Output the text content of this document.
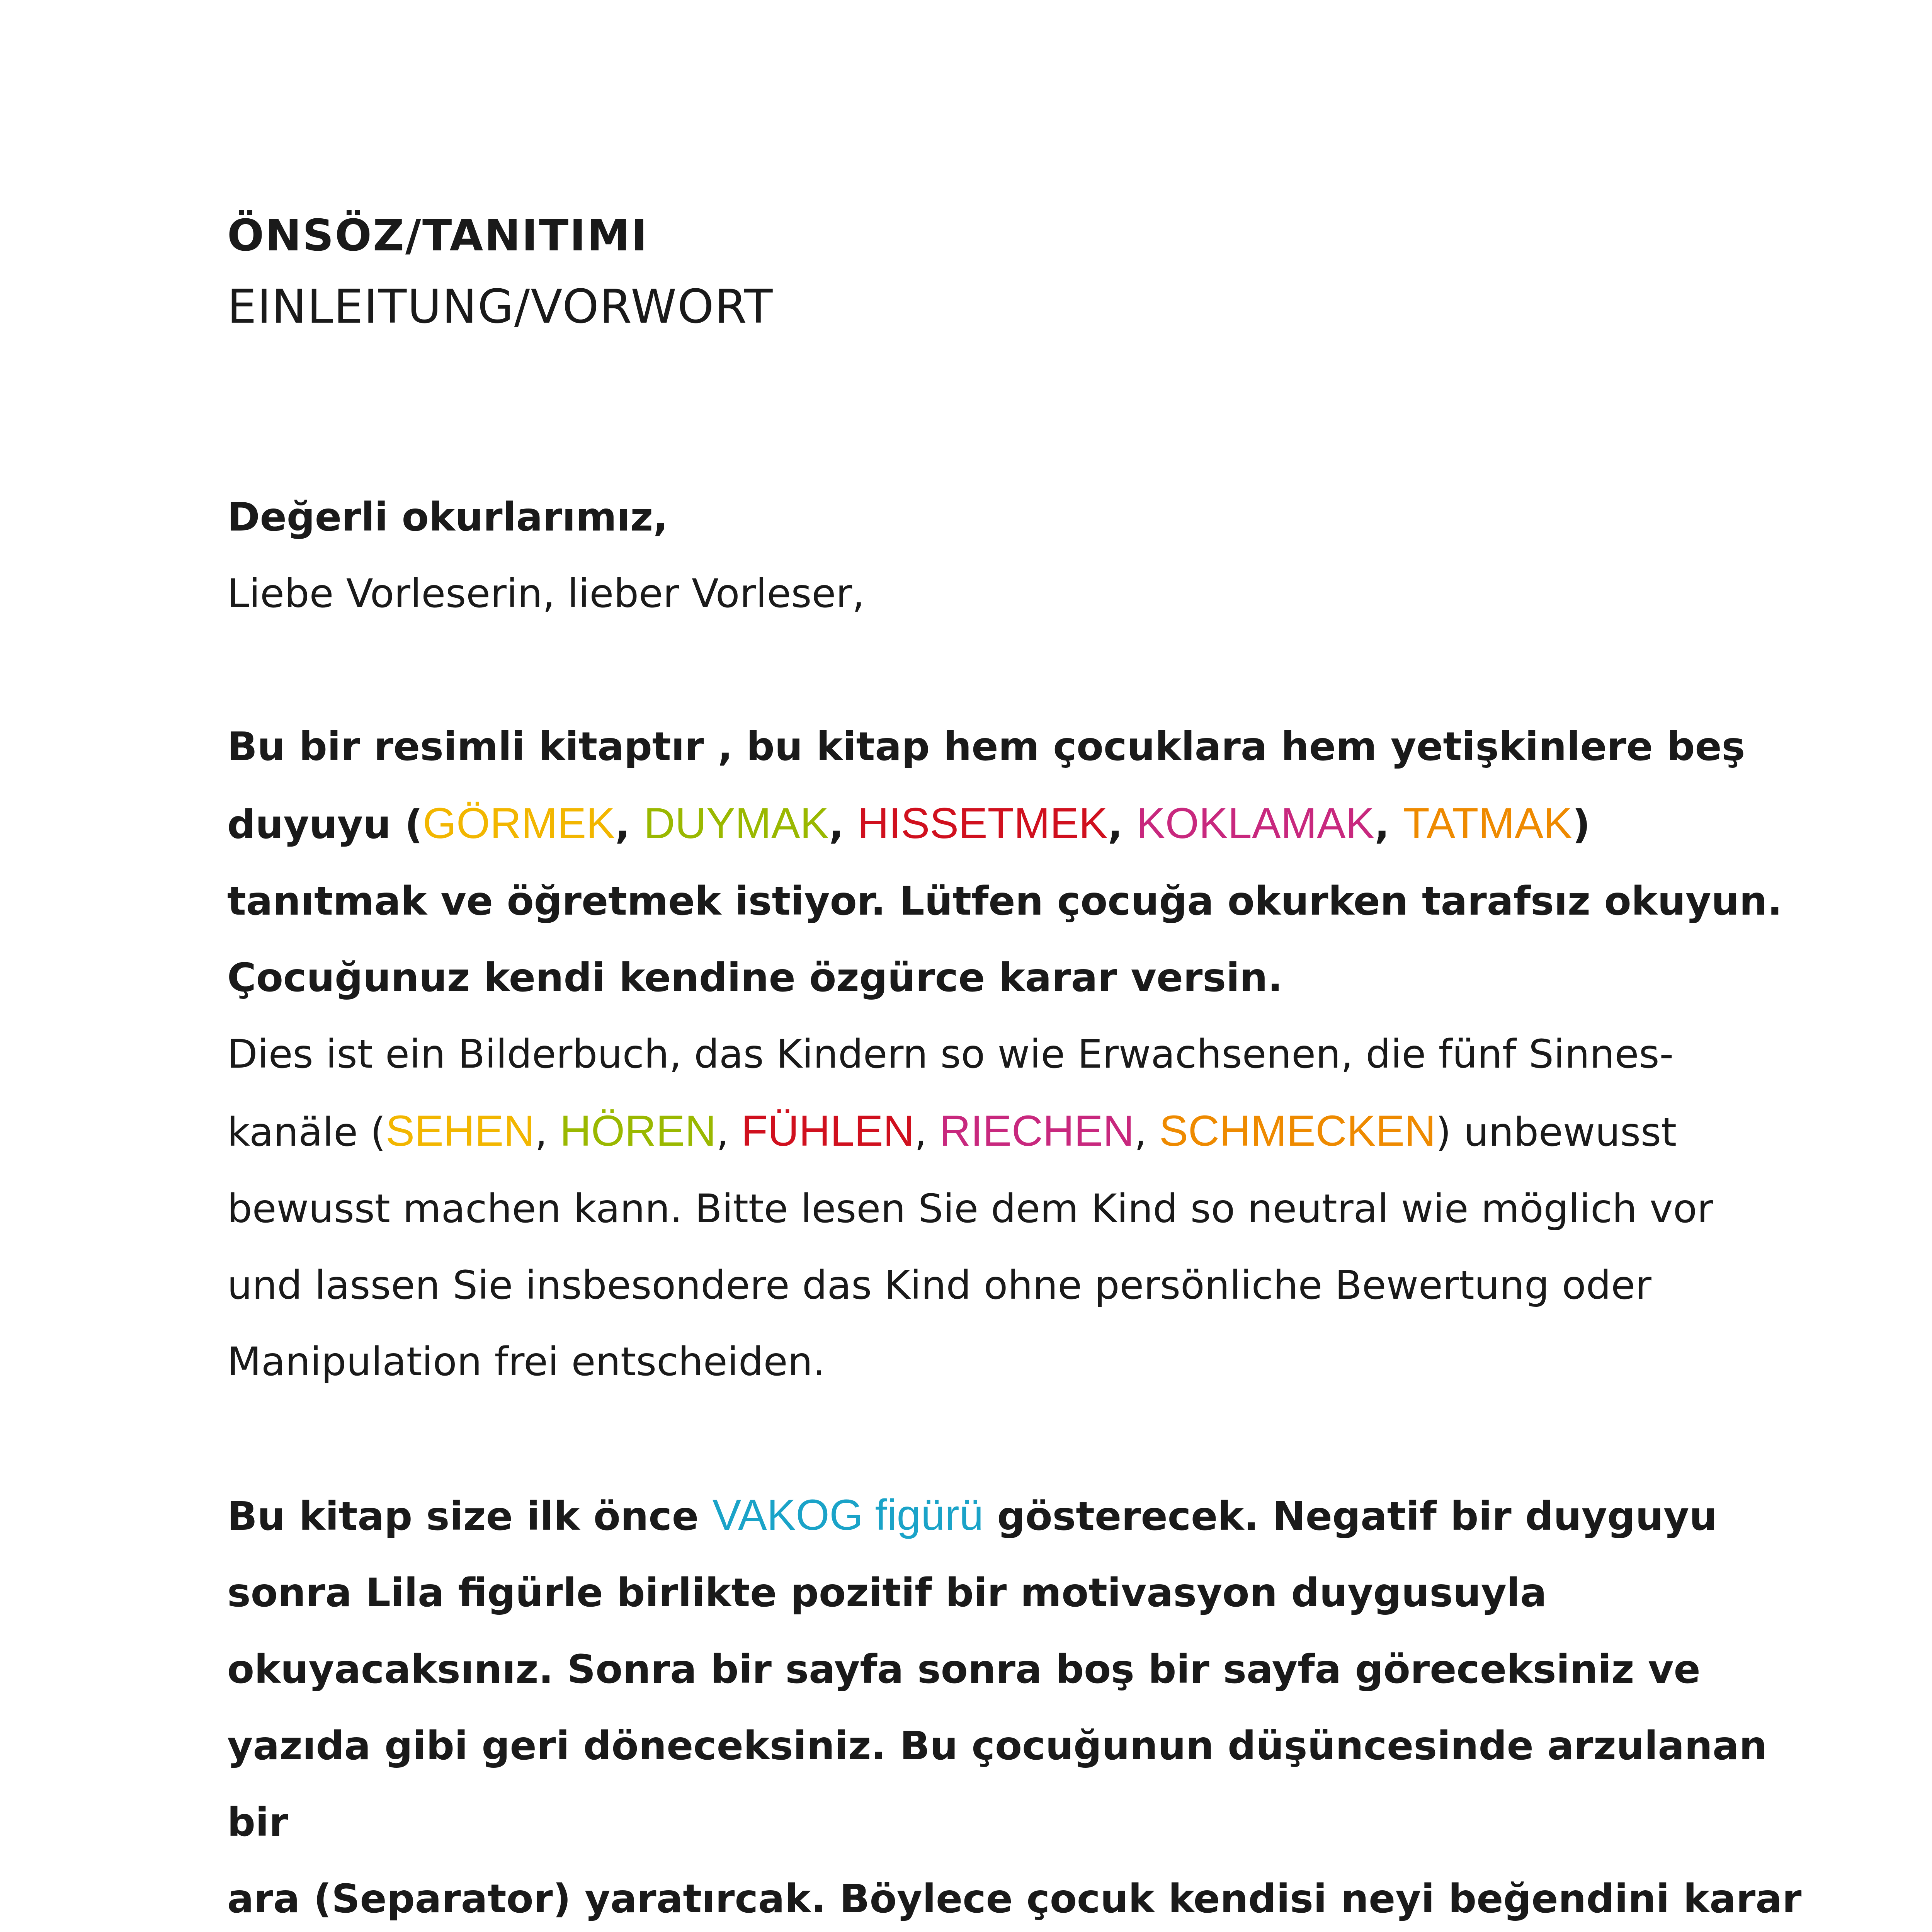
ÖNSÖZ/TANITIMI

EINLEITUNG/VORWORT

Değerli okurlarımız,

Liebe Vorleserin, lieber Vorleser,

Bu bir resimli kitaptır , bu kitap hem çocuklara hem yetişkinlere beş

duyuyu (GÖRMEK, DUYMAK, HISSETMEK, KOKLAMAK, TATMAK)

tanıtmak ve öğretmek istiyor. Lütfen çocuğa okurken tarafsız okuyun.

Çocuğunuz kendi kendine özgürce karar versin.

Dies ist ein Bilderbuch, das Kindern so wie Erwachsenen, die fünf Sinnes-

kanäle (SEHEN, HÖREN, FÜHLEN, RIECHEN, SCHMECKEN) unbewusst

bewusst machen kann. Bitte lesen Sie dem Kind so neutral wie möglich vor

und lassen Sie insbesondere das Kind ohne persönliche Bewertung oder

Manipulation frei entscheiden.

Bu kitap size ilk önce VAKOG figürü gösterecek. Negatif bir duyguyu

sonra Lila figürle birlikte pozitif bir motivasyon duygusuyla

okuyacaksınız. Sonra bir sayfa sonra boş bir sayfa göreceksiniz ve

yazıda gibi geri döneceksiniz. Bu çocuğunun düşüncesinde arzulanan bir

ara (Separator) yaratırcak. Böylece çocuk kendisi neyi beğendini karar
